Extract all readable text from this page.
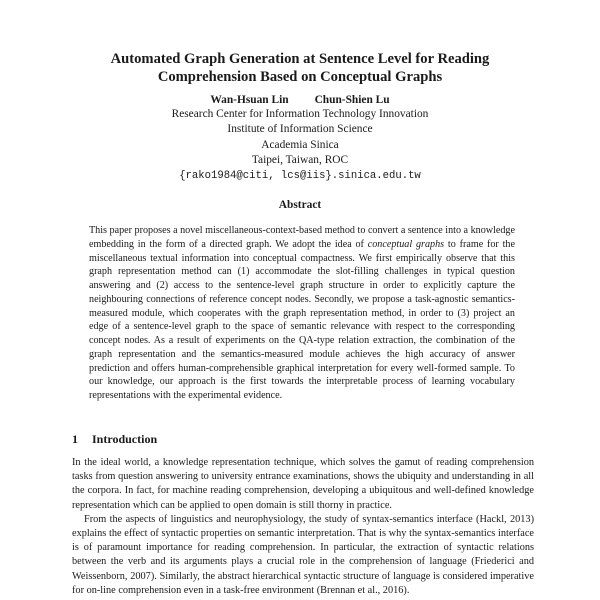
Automated Graph Generation at Sentence Level for Reading
Comprehension Based on Conceptual Graphs
Wan-Hsuan Lin Chun-Shien Lu
Research Center for Information Technology Innovation
Institute of Information Science
Academia Sinica
Taipei, Taiwan, ROC
{rako1984@citi, lcs@iis}.sinica.edu.tw
Abstract
This paper proposes a novel miscellaneous-context-based method to convert a sentence into a knowledge embedding in the form of a directed graph. We adopt the idea of conceptual graphs to frame for the miscellaneous textual information into conceptual compactness. We first empirically observe that this graph representation method can (1) accommodate the slot-filling challenges in typical question answering and (2) access to the sentence-level graph structure in order to explicitly capture the neighbouring connections of reference concept nodes. Secondly, we propose a task-agnostic semantics-measured module, which cooperates with the graph representation method, in order to (3) project an edge of a sentence-level graph to the space of semantic relevance with respect to the corresponding concept nodes. As a result of experiments on the QA-type relation extraction, the combination of the graph representation and the semantics-measured module achieves the high accuracy of answer prediction and offers human-comprehensible graphical interpretation for every well-formed sample. To our knowledge, our approach is the first towards the interpretable process of learning vocabulary representations with the experimental evidence.
1 Introduction

In the ideal world, a knowledge representation technique, which solves the gamut of reading comprehension tasks from question answering to university entrance examinations, shows the ubiquity and understanding in all the corpora. In fact, for machine reading comprehension, developing a ubiquitous and well-defined knowledge representation which can be applied to open domain is still thorny in practice.

From the aspects of linguistics and neurophysiology, the study of syntax-semantics interface (Hackl, 2013) explains the effect of syntactic properties on semantic interpretation. That is why the syntax-semantics interface is of paramount importance for reading comprehension. In particular, the extraction of syntactic relations between the verb and its arguments plays a crucial role in the comprehension of language (Friederici and Weissenborn, 2007). Similarly, the abstract hierarchical syntactic structure of language is considered imperative for on-line comprehension even in a task-free environment (Brennan et al., 2016).
